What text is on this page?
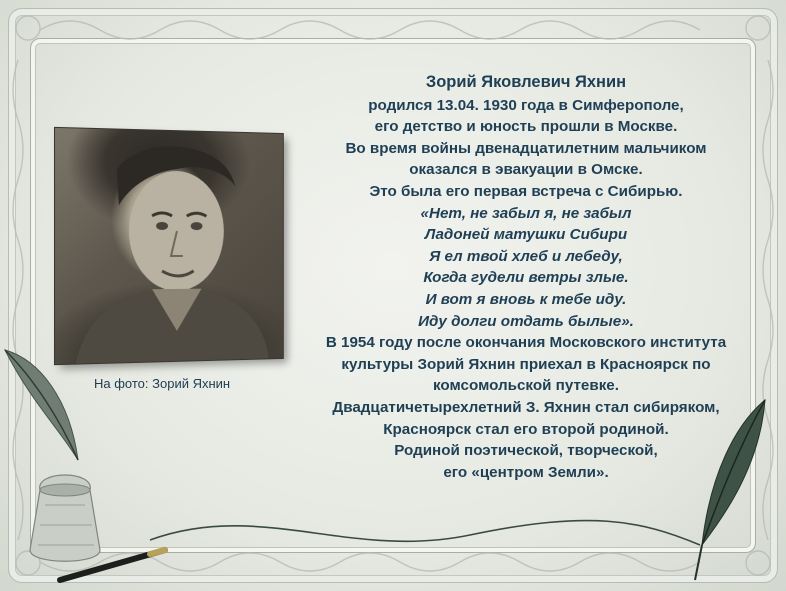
На фото: Зорий Яхнин
Зорий Яковлевич Яхнин
родился 13.04. 1930 года в Симферополе,
его детство и юность прошли в Москве.
Во время войны двенадцатилетним мальчиком
оказался в эвакуации в Омске.
Это была его первая встреча с Сибирью.
«Нет, не забыл я, не забыл
Ладоней матушки Сибири
Я ел твой хлеб и лебеду,
Когда гудели ветры злые.
И вот я вновь к тебе иду.
Иду долги отдать былые».
В 1954 году после окончания Московского института
культуры Зорий Яхнин приехал в Красноярск по
комсомольской путевке.
Двадцатичетырехлетний З. Яхнин стал сибиряком,
Красноярск стал его второй родиной.
Родиной поэтической, творческой,
его «центром Земли».
